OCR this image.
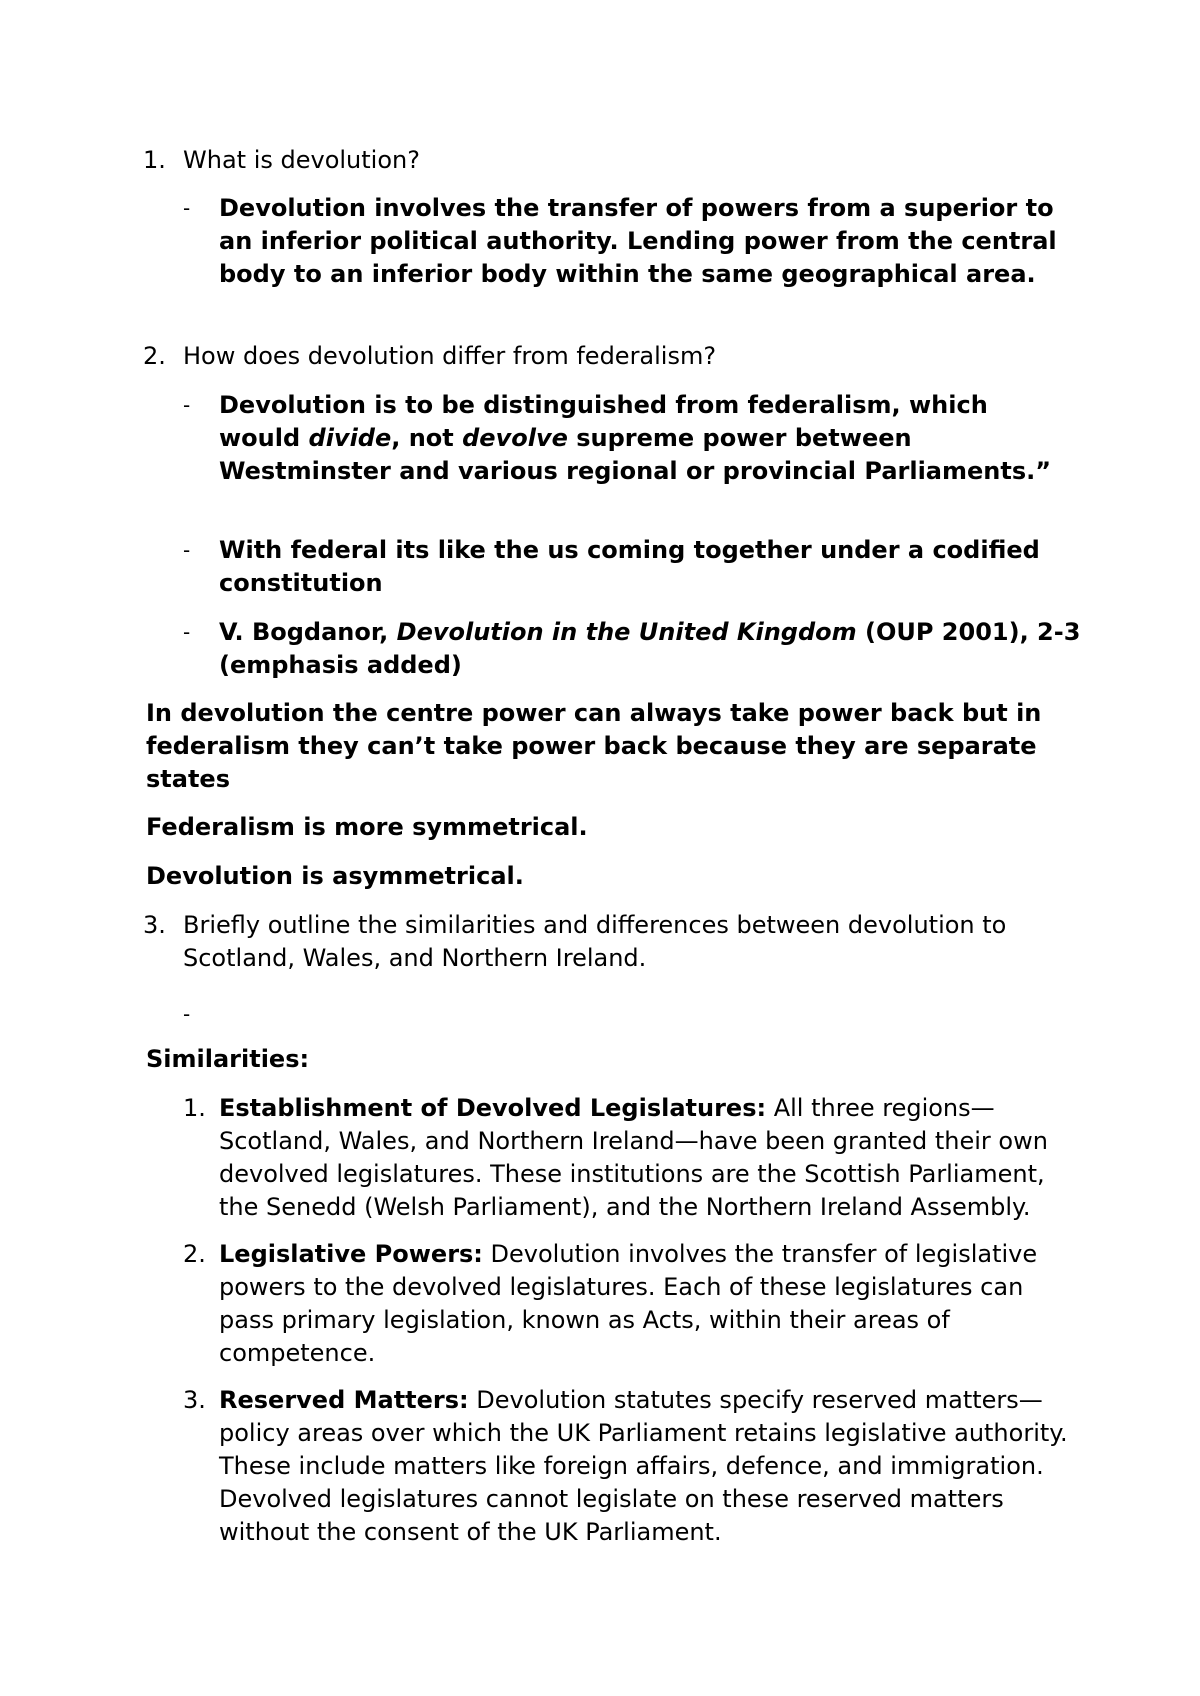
1. What is devolution?
- Devolution involves the transfer of powers from a superior to an inferior political authority. Lending power from the central body to an inferior body within the same geographical area.
2. How does devolution differ from federalism?
- Devolution is to be distinguished from federalism, which would divide, not devolve supreme power between Westminster and various regional or provincial Parliaments.”
- With federal its like the us coming together under a codified constitution
- V. Bogdanor, Devolution in the United Kingdom (OUP 2001), 2-3 (emphasis added)
In devolution the centre power can always take power back but in federalism they can’t take power back because they are separate states
Federalism is more symmetrical.
Devolution is asymmetrical.
3. Briefly outline the similarities and differences between devolution to Scotland, Wales, and Northern Ireland.
-
Similarities:
1. Establishment of Devolved Legislatures: All three regions—Scotland, Wales, and Northern Ireland—have been granted their own devolved legislatures. These institutions are the Scottish Parliament, the Senedd (Welsh Parliament), and the Northern Ireland Assembly.
2. Legislative Powers: Devolution involves the transfer of legislative powers to the devolved legislatures. Each of these legislatures can pass primary legislation, known as Acts, within their areas of competence.
3. Reserved Matters: Devolution statutes specify reserved matters—policy areas over which the UK Parliament retains legislative authority. These include matters like foreign affairs, defence, and immigration. Devolved legislatures cannot legislate on these reserved matters without the consent of the UK Parliament.
